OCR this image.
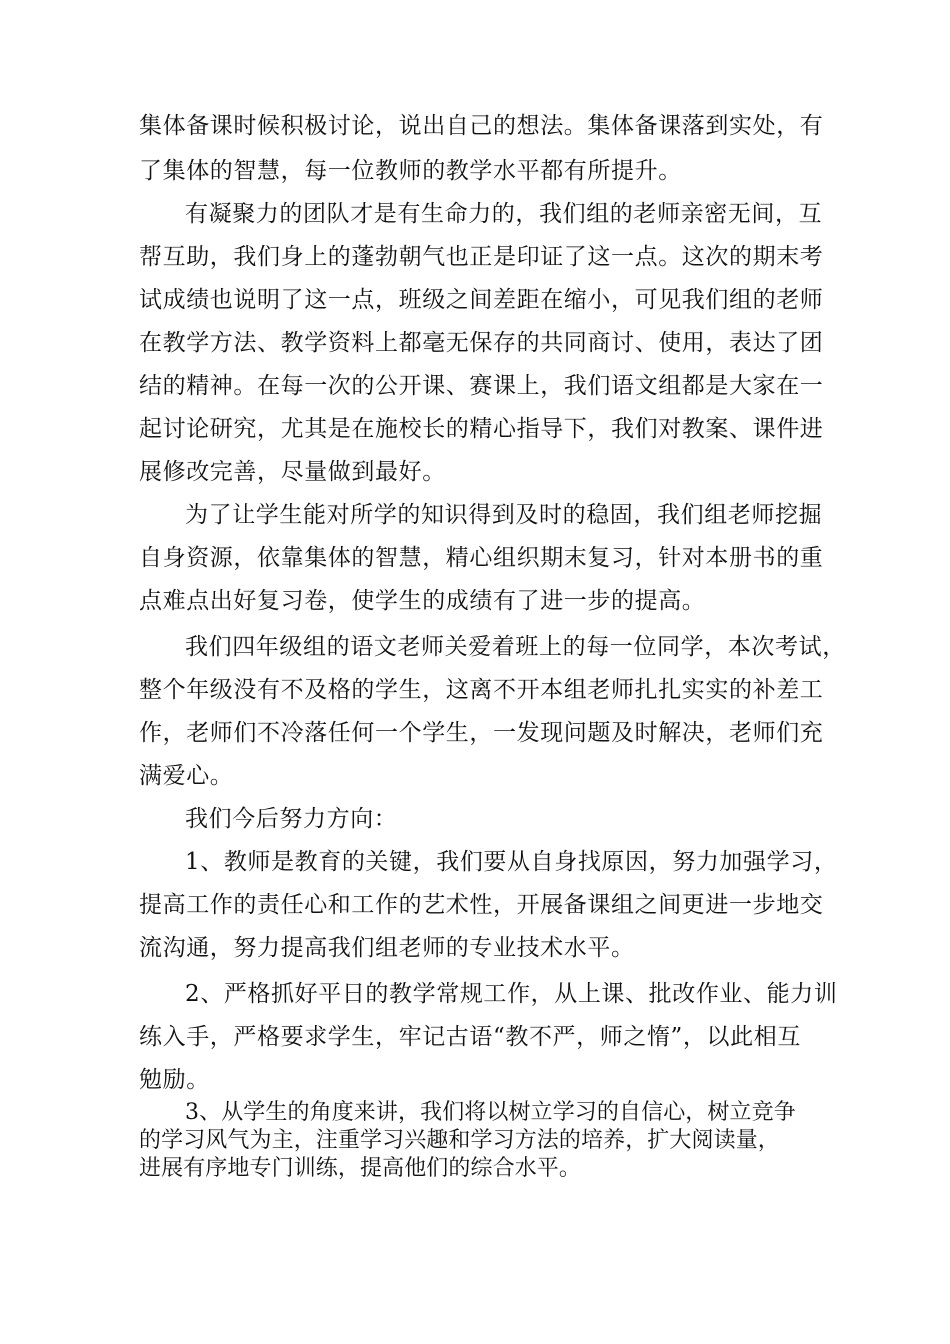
集体备课时候积极讨论，说出自己的想法。集体备课落到实处，有
了集体的智慧，每一位教师的教学水平都有所提升。
有凝聚力的团队才是有生命力的，我们组的老师亲密无间，互
帮互助，我们身上的蓬勃朝气也正是印证了这一点。这次的期末考
试成绩也说明了这一点，班级之间差距在缩小，可见我们组的老师
在教学方法、教学资料上都毫无保存的共同商讨、使用，表达了团
结的精神。在每一次的公开课、赛课上，我们语文组都是大家在一
起讨论研究，尤其是在施校长的精心指导下，我们对教案、课件进
展修改完善，尽量做到最好。
为了让学生能对所学的知识得到及时的稳固，我们组老师挖掘
自身资源，依靠集体的智慧，精心组织期末复习，针对本册书的重
点难点出好复习卷，使学生的成绩有了进一步的提高。
我们四年级组的语文老师关爱着班上的每一位同学，本次考试，
整个年级没有不及格的学生，这离不开本组老师扎扎实实的补差工
作，老师们不冷落任何一个学生，一发现问题及时解决，老师们充
满爱心。
我们今后努力方向：
1、教师是教育的关键，我们要从自身找原因，努力加强学习，
提高工作的责任心和工作的艺术性，开展备课组之间更进一步地交
流沟通，努力提高我们组老师的专业技术水平。
2、严格抓好平日的教学常规工作，从上课、批改作业、能力训
练入手，严格要求学生，牢记古语“教不严，师之惰”，以此相互
勉励。
3、从学生的角度来讲，我们将以树立学习的自信心，树立竞争
的学习风气为主，注重学习兴趣和学习方法的培养，扩大阅读量，
进展有序地专门训练，提高他们的综合水平。
